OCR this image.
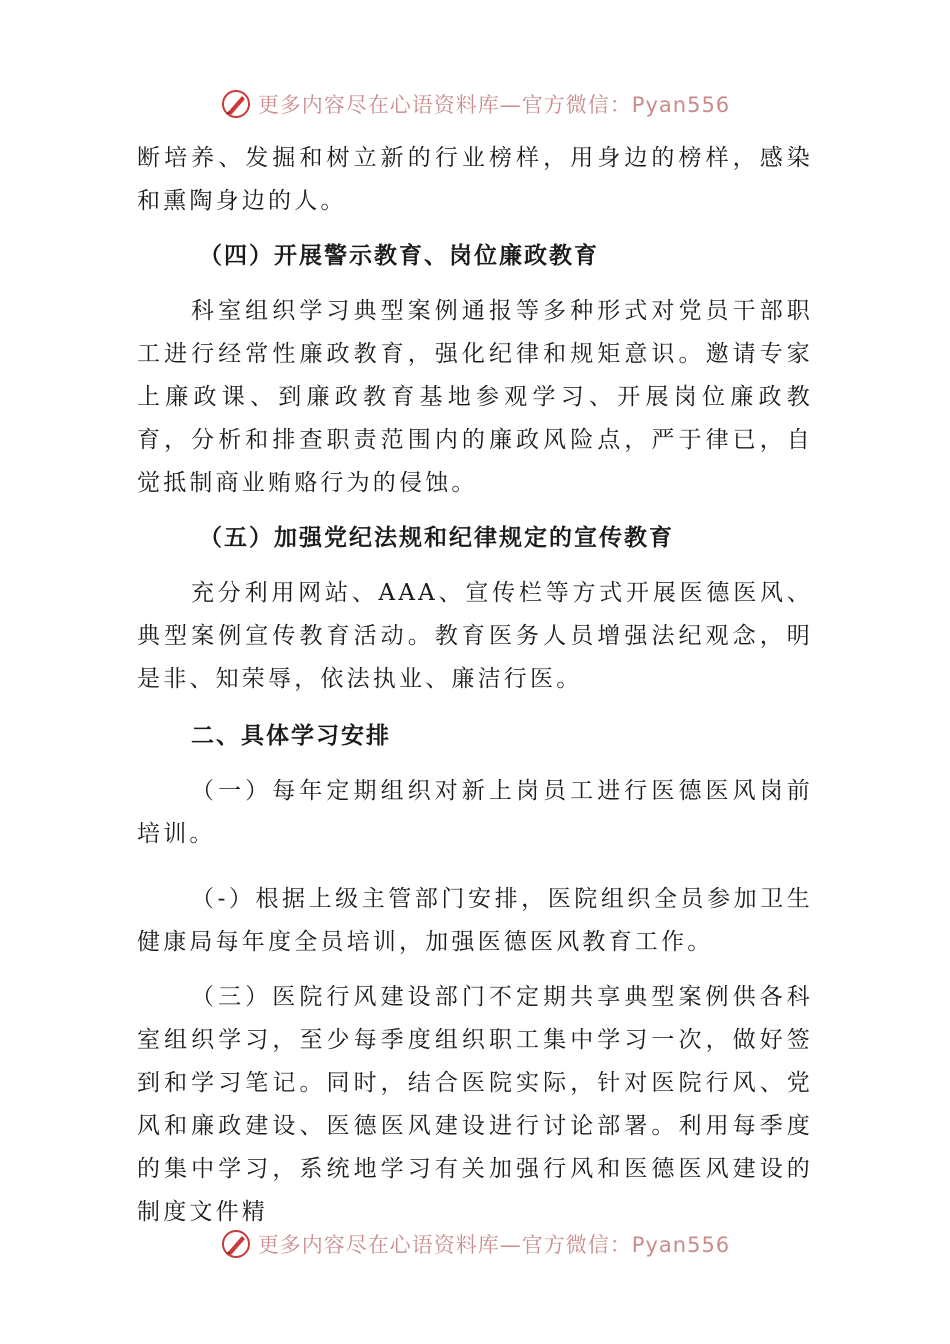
更多内容尽在心语资料库—官方微信：Pyan556

断培养、发掘和树立新的行业榜样，用身边的榜样，感染和熏陶身边的人。

（四）开展警示教育、岗位廉政教育

科室组织学习典型案例通报等多种形式对党员干部职工进行经常性廉政教育，强化纪律和规矩意识。邀请专家上廉政课、到廉政教育基地参观学习、开展岗位廉政教育，分析和排查职责范围内的廉政风险点，严于律已，自觉抵制商业贿赂行为的侵蚀。

（五）加强党纪法规和纪律规定的宣传教育

充分利用网站、AAA、宣传栏等方式开展医德医风、典型案例宣传教育活动。教育医务人员增强法纪观念，明是非、知荣辱，依法执业、廉洁行医。

二、具体学习安排

（一）每年定期组织对新上岗员工进行医德医风岗前培训。

（-）根据上级主管部门安排，医院组织全员参加卫生健康局每年度全员培训，加强医德医风教育工作。

（三）医院行风建设部门不定期共享典型案例供各科室组织学习，至少每季度组织职工集中学习一次，做好签到和学习笔记。同时，结合医院实际，针对医院行风、党风和廉政建设、医德医风建设进行讨论部署。利用每季度的集中学习，系统地学习有关加强行风和医德医风建设的制度文件精

更多内容尽在心语资料库—官方微信：Pyan556
